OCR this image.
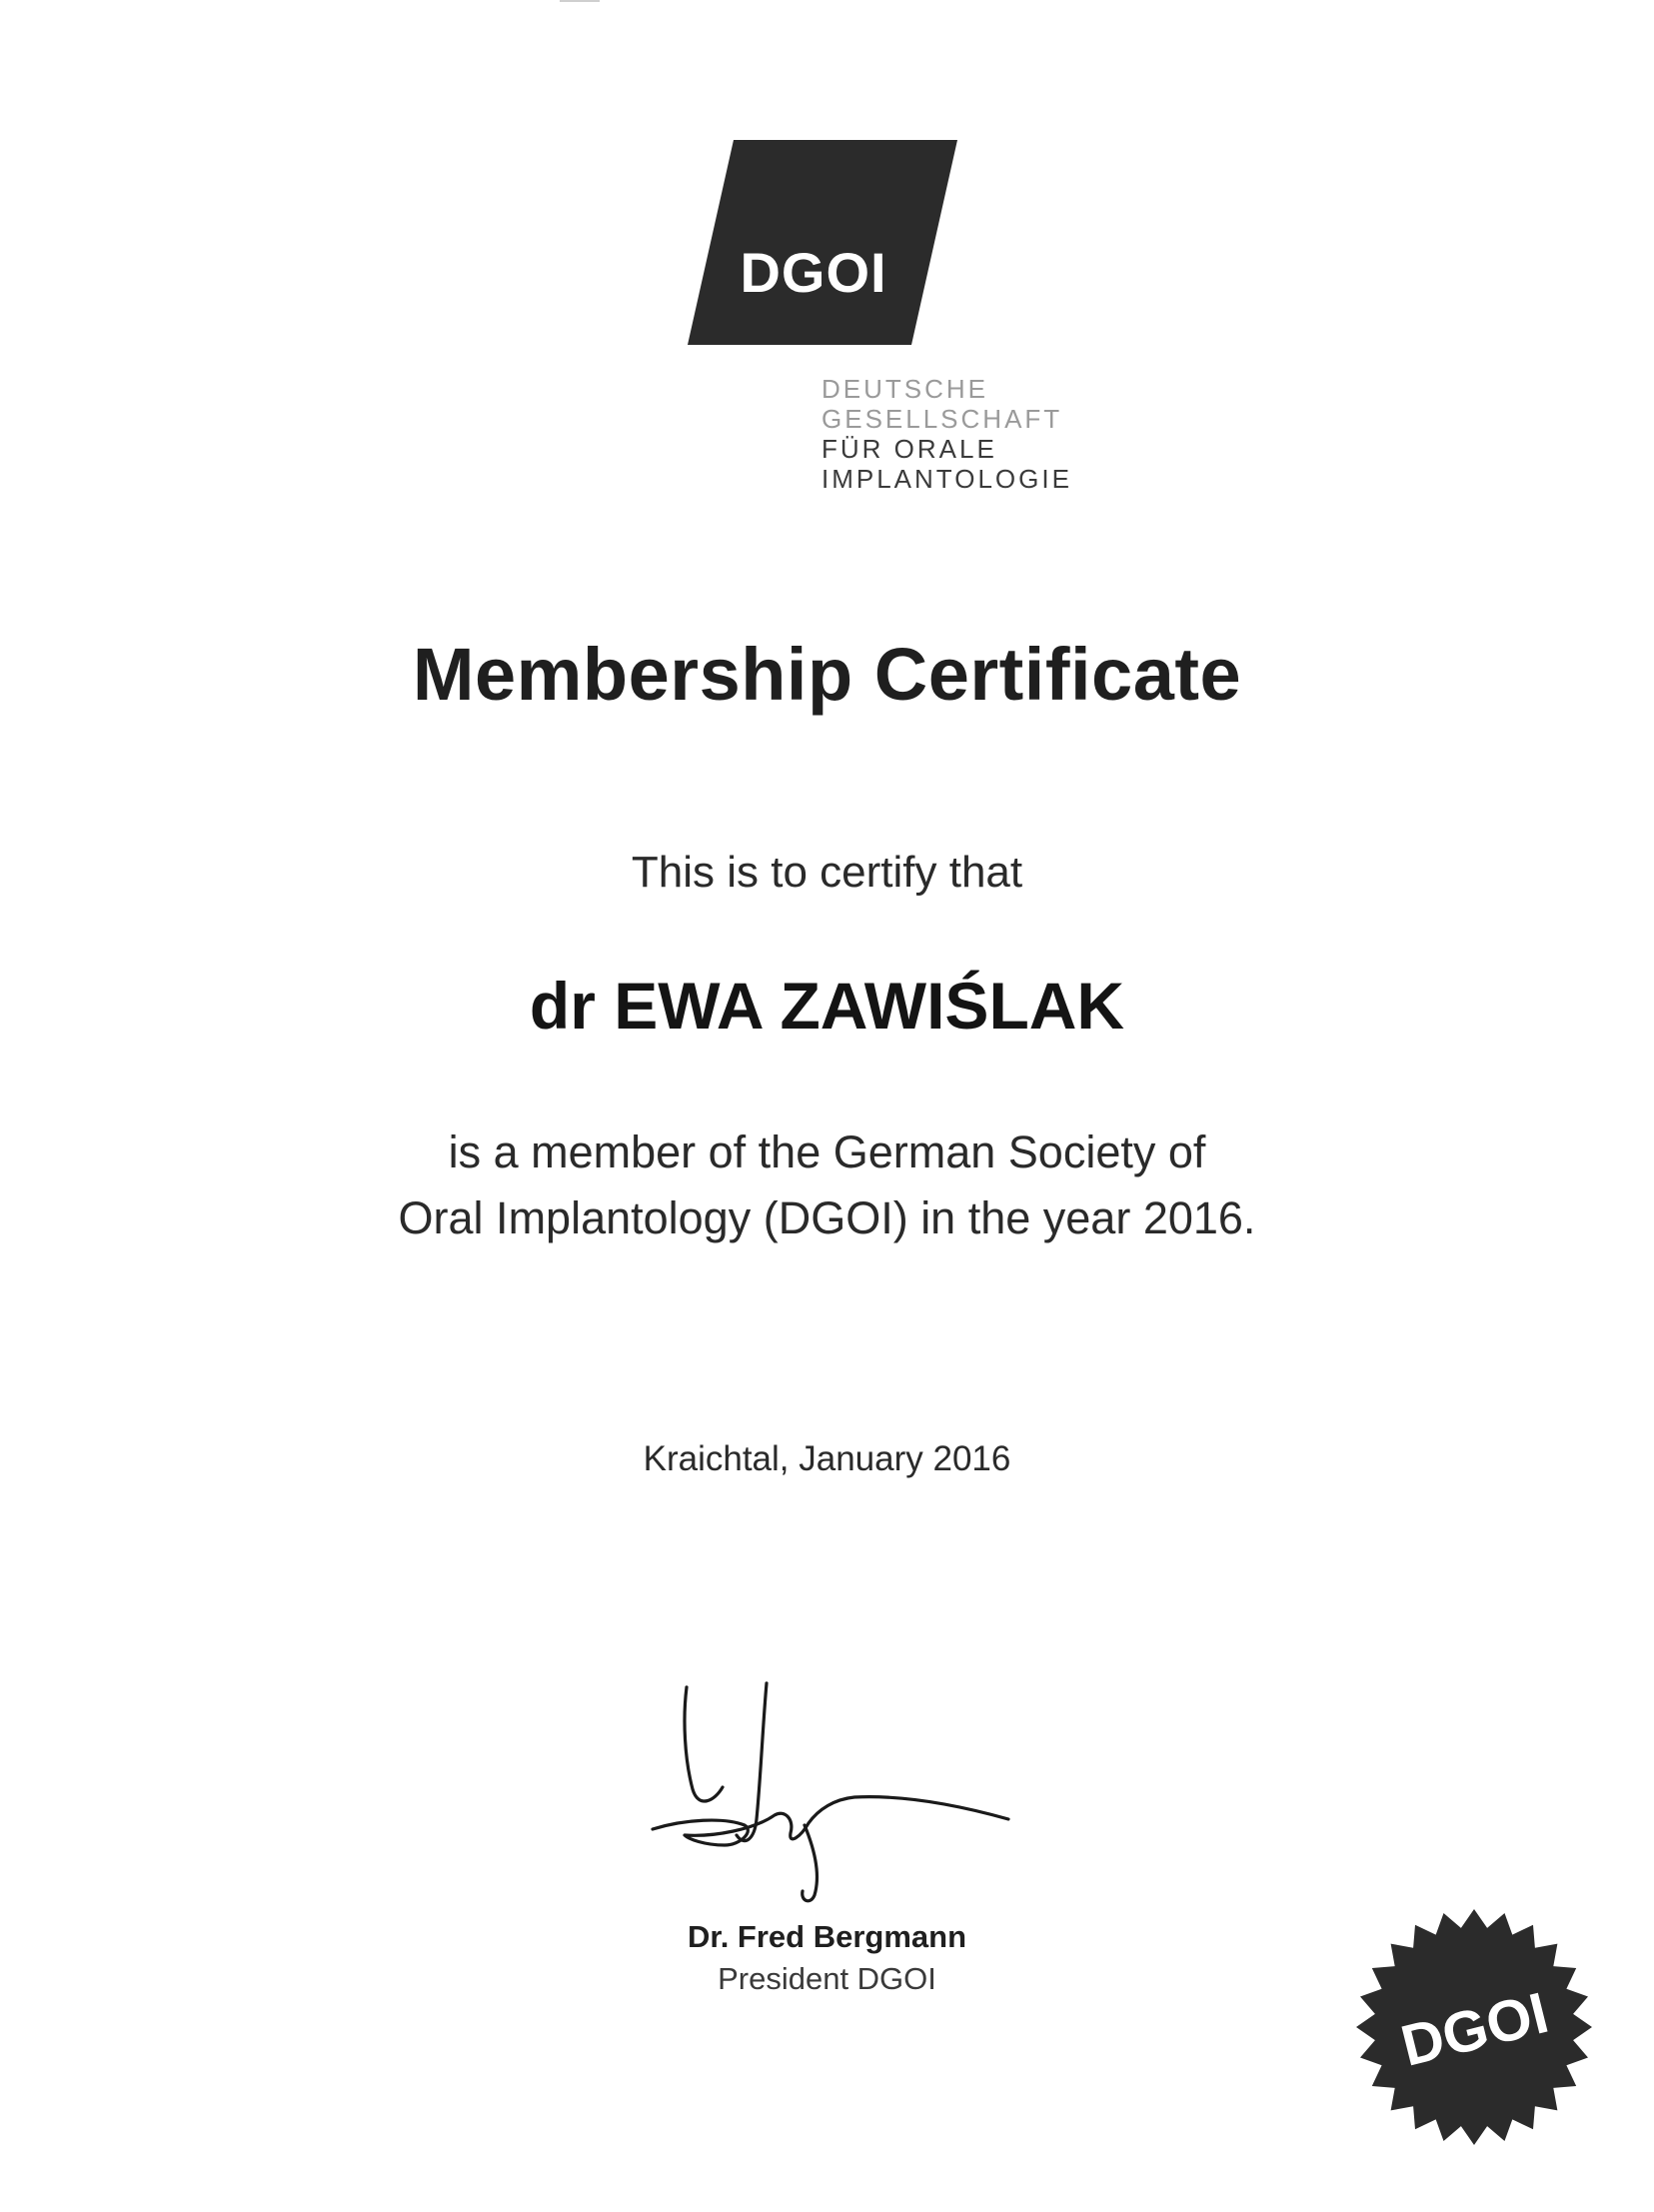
DGOI
DEUTSCHE
GESELLSCHAFT
FÜR ORALE
IMPLANTOLOGIE
Membership Certificate
This is to certify that
dr EWA ZAWIŚLAK
is a member of the German Society of
Oral Implantology (DGOI) in the year 2016.
Kraichtal, January 2016
Dr. Fred Bergmann
President DGOI
DGOI
